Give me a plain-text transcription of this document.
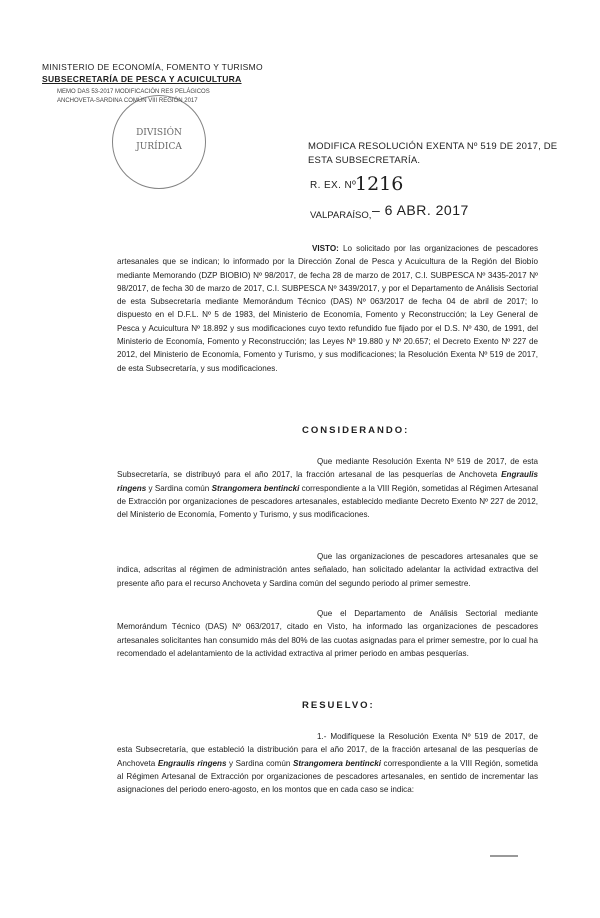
MINISTERIO DE ECONOMÍA, FOMENTO Y TURISMO
SUBSECRETARÍA DE PESCA Y ACUICULTURA
MEMO DAS 53-2017 MODIFICACIÓN RES PELÁGICOS
ANCHOVETA-SARDINA COMÚN VIII REGIÓN 2017
DIVISIÓN
JURÍDICA	MODIFICA RESOLUCIÓN EXENTA Nº 519 DE 2017, DE
ESTA SUBSECRETARÍA.
R. EX. Nº
1216
VALPARAÍSO, – 6 ABR. 2017
VISTO: Lo solicitado por las organizaciones de pescadores artesanales que se indican; lo informado por la Dirección Zonal de Pesca y Acuicultura de la Región del Biobío mediante Memorando (DZP BIOBIO) Nº 98/2017, de fecha 28 de marzo de 2017, C.I. SUBPESCA Nº 3435-2017 Nº 98/2017, de fecha 30 de marzo de 2017, C.I. SUBPESCA Nº 3439/2017, y por el Departamento de Análisis Sectorial de esta Subsecretaría mediante Memorándum Técnico (DAS) Nº 063/2017 de fecha 04 de abril de 2017; lo dispuesto en el D.F.L. Nº 5 de 1983, del Ministerio de Economía, Fomento y Reconstrucción; la Ley General de Pesca y Acuicultura Nº 18.892 y sus modificaciones cuyo texto refundido fue fijado por el D.S. Nº 430, de 1991, del Ministerio de Economía, Fomento y Reconstrucción; las Leyes Nº 19.880 y Nº 20.657; el Decreto Exento Nº 227 de 2012, del Ministerio de Economía, Fomento y Turismo, y sus modificaciones; la Resolución Exenta Nº 519 de 2017, de esta Subsecretaría, y sus modificaciones.
CONSIDERANDO:
Que mediante Resolución Exenta Nº 519 de 2017, de esta Subsecretaría, se distribuyó para el año 2017, la fracción artesanal de las pesquerías de Anchoveta Engraulis ringens y Sardina común Strangomera bentincki correspondiente a la VIII Región, sometidas al Régimen Artesanal de Extracción por organizaciones de pescadores artesanales, establecido mediante Decreto Exento Nº 227 de 2012, del Ministerio de Economía, Fomento y Turismo, y sus modificaciones.
Que las organizaciones de pescadores artesanales que se indica, adscritas al régimen de administración antes señalado, han solicitado adelantar la actividad extractiva del presente año para el recurso Anchoveta y Sardina común del segundo periodo al primer semestre.
Que el Departamento de Análisis Sectorial mediante Memorándum Técnico (DAS) Nº 063/2017, citado en Visto, ha informado las organizaciones de pescadores artesanales solicitantes han consumido más del 80% de las cuotas asignadas para el primer semestre, por lo cual ha recomendado el adelantamiento de la actividad extractiva al primer periodo en ambas pesquerías.
RESUELVO:
1.- Modifíquese la Resolución Exenta Nº 519 de 2017, de esta Subsecretaría, que estableció la distribución para el año 2017, de la fracción artesanal de las pesquerías de Anchoveta Engraulis ringens y Sardina común Strangomera bentincki correspondiente a la VIII Región, sometida al Régimen Artesanal de Extracción por organizaciones de pescadores artesanales, en sentido de incrementar las asignaciones del periodo enero-agosto, en los montos que en cada caso se indica:
